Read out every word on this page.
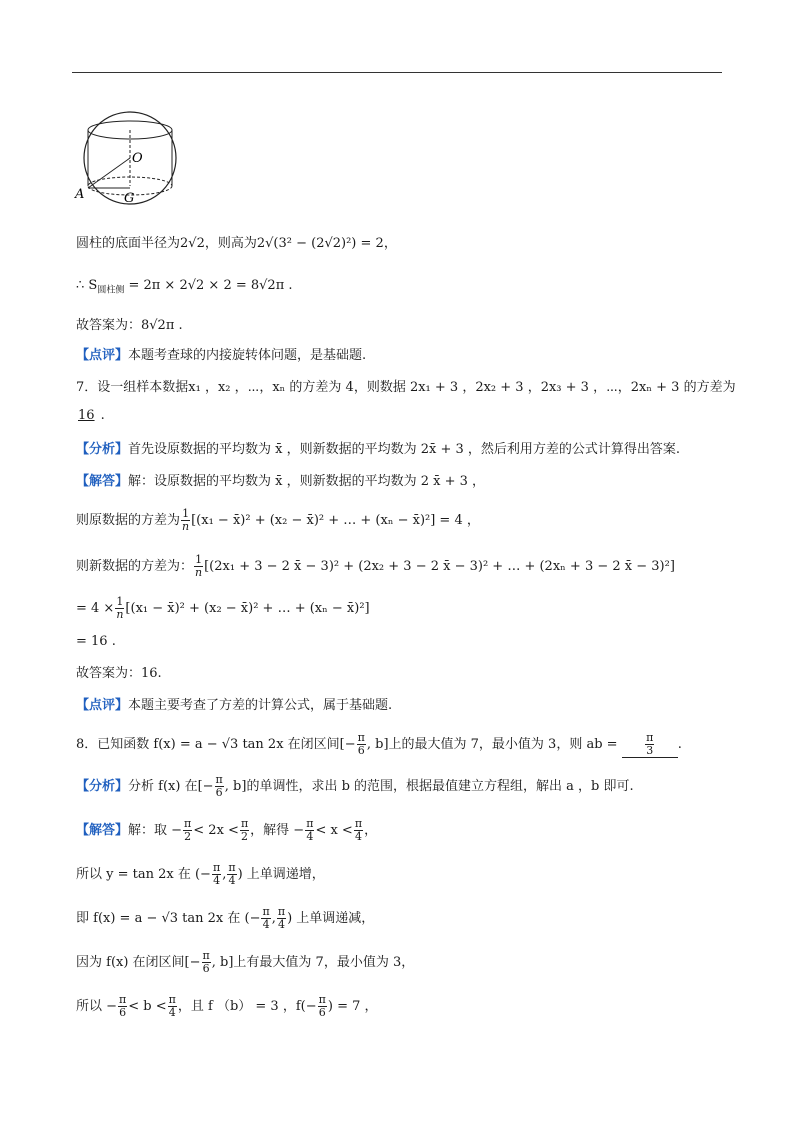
O
A	G
圆柱的底面半径为2√2，则高为2√(3² − (2√2)²) = 2，
∴ $S_{圆柱侧} = 2\pi \times 2√2 \times 2 = 8√2\pi$ .
故答案为：8√2π .
【点评】本题考查球的内接旋转体问题，是基础题.
7．设一组样本数据x₁ ，x₂ ，⋯，xₙ 的方差为 4，则数据 2x₁ + 3 ，2x₂ + 3 ，2x₃ + 3 ，⋯，2xₙ + 3 的方差为
16 .
【分析】首先设原数据的平均数为 x̄ ，则新数据的平均数为 2x̄ + 3 ，然后利用方差的公式计算得出答案.
【解答】解：设原数据的平均数为 x̄ ，则新数据的平均数为 2 x̄ + 3 ，
则原数据的方差为 $\frac{1}{n} [(x_1$ − x̄)² + (x₂ − x̄)² + … + (xₙ − x̄)²] = 4 ，
则新数据的方差为： $\frac{1}{n} [(2x_1 + 3 - 2$ x̄ − 3)² + (2x₂ + 3 − 2 x̄ − 3)² + … + (2xₙ + 3 − 2 x̄ − 3)²]
= $4 \times \frac{1}{n} [(x_1$ − x̄)² + (x₂ − x̄)² + … + (xₙ − x̄)²]
= 16 .
故答案为：16.
【点评】本题主要考查了方差的计算公式，属于基础题.
8．已知函数 f(x) = a − √3 tan 2x 在闭区间[− $\frac{\pi}{6}$ , b]上的最大值为 7，最小值为 3，则 ab =	$\frac{\pi}{3}$ .
【分析】分析 f(x) 在[− $\frac{\pi}{6}$ , b]的单调性，求出 b 的范围，根据最值建立方程组，解出 a ，b 即可.
【解答】解：取 − $\frac{\pi}{2} < 2x < \frac{\pi}{2}$ ，解得 − $\frac{\pi}{4} < x < \frac{\pi}{4}$ ，
所以 y = tan 2x 在 (− $\frac{\pi}{4}$ , $\frac{\pi}{4}$ ) 上单调递增，
即 f(x) = a − √3 tan 2x 在 (− $\frac{\pi}{4}$ , $\frac{\pi}{4}$ ) 上单调递减，
因为 f(x) 在闭区间[− $\frac{\pi}{6}$ , b]上有最大值为 7，最小值为 3，
所以 − $\frac{\pi}{6} < b < \frac{\pi}{4}$ ，且 f （b） = 3 ，$f(- \frac{\pi}{6}$ ) = 7 ，
